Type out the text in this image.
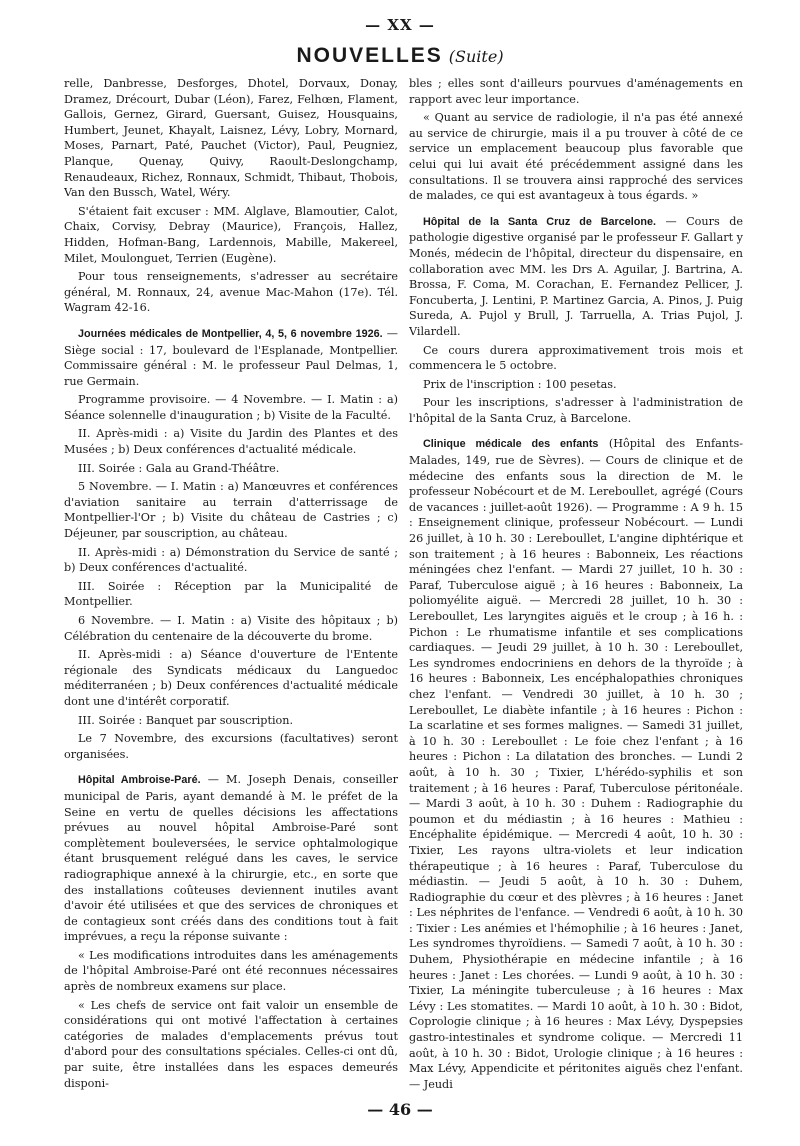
— XX —
NOUVELLES (Suite)

relle, Danbresse, Desforges, Dhotel, Dorvaux, Donay, Dramez, Drécourt, Dubar (Léon), Farez, Felhœn, Flament, Gallois, Gernez, Girard, Guersant, Guisez, Housquains, Humbert, Jeunet, Khayalt, Laisnez, Lévy, Lobry, Mornard, Moses, Parnart, Paté, Pauchet (Victor), Paul, Peugniez, Planque, Quenay, Quivy, Raoult-Deslongchamp, Renaudeaux, Richez, Ronnaux, Schmidt, Thibaut, Thobois, Van den Bussch, Watel, Wéry.

S'étaient fait excuser : MM. Alglave, Blamoutier, Calot, Chaix, Corvisy, Debray (Maurice), François, Hallez, Hidden, Hofman-Bang, Lardennois, Mabille, Makereel, Milet, Moulonguet, Terrien (Eugène).

Pour tous renseignements, s'adresser au secrétaire général, M. Ronnaux, 24, avenue Mac-Mahon (17e). Tél. Wagram 42-16.

Journées médicales de Montpellier, 4, 5, 6 novembre 1926. — Siège social : 17, boulevard de l'Esplanade, Montpellier. Commissaire général : M. le professeur Paul Delmas, 1, rue Germain.

Programme provisoire. — 4 Novembre. — I. Matin : a) Séance solennelle d'inauguration ; b) Visite de la Faculté.

II. Après-midi : a) Visite du Jardin des Plantes et des Musées ; b) Deux conférences d'actualité médicale.

III. Soirée : Gala au Grand-Théâtre.

5 Novembre. — I. Matin : a) Manœuvres et conférences d'aviation sanitaire au terrain d'atterrissage de Montpellier-l'Or ; b) Visite du château de Castries ; c) Déjeuner, par souscription, au château.

II. Après-midi : a) Démonstration du Service de santé ; b) Deux conférences d'actualité.

III. Soirée : Réception par la Municipalité de Montpellier.

6 Novembre. — I. Matin : a) Visite des hôpitaux ; b) Célébration du centenaire de la découverte du brome.

II. Après-midi : a) Séance d'ouverture de l'Entente régionale des Syndicats médicaux du Languedoc méditerranéen ; b) Deux conférences d'actualité médicale dont une d'intérêt corporatif.

III. Soirée : Banquet par souscription.

Le 7 Novembre, des excursions (facultatives) seront organisées.

Hôpital Ambroise-Paré. — M. Joseph Denais, conseiller municipal de Paris, ayant demandé à M. le préfet de la Seine en vertu de quelles décisions les affectations prévues au nouvel hôpital Ambroise-Paré sont complètement bouleversées, le service ophtalmologique étant brusquement relégué dans les caves, le service radiographique annexé à la chirurgie, etc., en sorte que des installations coûteuses deviennent inutiles avant d'avoir été utilisées et que des services de chroniques et de contagieux sont créés dans des conditions tout à fait imprévues, a reçu la réponse suivante :

« Les modifications introduites dans les aménagements de l'hôpital Ambroise-Paré ont été reconnues nécessaires après de nombreux examens sur place.

« Les chefs de service ont fait valoir un ensemble de considérations qui ont motivé l'affectation à certaines catégories de malades d'emplacements prévus tout d'abord pour des consultations spéciales. Celles-ci ont dû, par suite, être installées dans les espaces demeurés disponi-

bles ; elles sont d'ailleurs pourvues d'aménagements en rapport avec leur importance.

« Quant au service de radiologie, il n'a pas été annexé au service de chirurgie, mais il a pu trouver à côté de ce service un emplacement beaucoup plus favorable que celui qui lui avait été précédemment assigné dans les consultations. Il se trouvera ainsi rapproché des services de malades, ce qui est avantageux à tous égards. »

Hôpital de la Santa Cruz de Barcelone. — Cours de pathologie digestive organisé par le professeur F. Gallart y Monés, médecin de l'hôpital, directeur du dispensaire, en collaboration avec MM. les Drs A. Aguilar, J. Bartrina, A. Brossa, F. Coma, M. Corachan, E. Fernandez Pellicer, J. Foncuberta, J. Lentini, P. Martinez Garcia, A. Pinos, J. Puig Sureda, A. Pujol y Brull, J. Tarruella, A. Trias Pujol, J. Vilardell.

Ce cours durera approximativement trois mois et commencera le 5 octobre.

Prix de l'inscription : 100 pesetas.

Pour les inscriptions, s'adresser à l'administration de l'hôpital de la Santa Cruz, à Barcelone.

Clinique médicale des enfants (Hôpital des Enfants-Malades, 149, rue de Sèvres). — Cours de clinique et de médecine des enfants sous la direction de M. le professeur Nobécourt et de M. Lereboullet, agrégé (Cours de vacances : juillet-août 1926). — Programme : A 9 h. 15 : Enseignement clinique, professeur Nobécourt. — Lundi 26 juillet, à 10 h. 30 : Lereboullet, L'angine diphtérique et son traitement ; à 16 heures : Babonneix, Les réactions méningées chez l'enfant. — Mardi 27 juillet, 10 h. 30 : Paraf, Tuberculose aiguë ; à 16 heures : Babonneix, La poliomyélite aiguë. — Mercredi 28 juillet, 10 h. 30 : Lereboullet, Les laryngites aiguës et le croup ; à 16 h. : Pichon : Le rhumatisme infantile et ses complications cardiaques. — Jeudi 29 juillet, à 10 h. 30 : Lereboullet, Les syndromes endocriniens en dehors de la thyroïde ; à 16 heures : Babonneix, Les encéphalopathies chroniques chez l'enfant. — Vendredi 30 juillet, à 10 h. 30 ; Lereboullet, Le diabète infantile ; à 16 heures : Pichon : La scarlatine et ses formes malignes. — Samedi 31 juillet, à 10 h. 30 : Lereboullet : Le foie chez l'enfant ; à 16 heures : Pichon : La dilatation des bronches. — Lundi 2 août, à 10 h. 30 ; Tixier, L'hérédo-syphilis et son traitement ; à 16 heures : Paraf, Tuberculose péritonéale. — Mardi 3 août, à 10 h. 30 : Duhem : Radiographie du poumon et du médiastin ; à 16 heures : Mathieu : Encéphalite épidémique. — Mercredi 4 août, 10 h. 30 : Tixier, Les rayons ultra-violets et leur indication thérapeutique ; à 16 heures : Paraf, Tuberculose du médiastin. — Jeudi 5 août, à 10 h. 30 : Duhem, Radiographie du cœur et des plèvres ; à 16 heures : Janet : Les néphrites de l'enfance. — Vendredi 6 août, à 10 h. 30 : Tixier : Les anémies et l'hémophilie ; à 16 heures : Janet, Les syndromes thyroïdiens. — Samedi 7 août, à 10 h. 30 : Duhem, Physiothérapie en médecine infantile ; à 16 heures : Janet : Les chorées. — Lundi 9 août, à 10 h. 30 : Tixier, La méningite tuberculeuse ; à 16 heures : Max Lévy : Les stomatites. — Mardi 10 août, à 10 h. 30 : Bidot, Coprologie clinique ; à 16 heures : Max Lévy, Dyspepsies gastro-intestinales et syndrome colique. — Mercredi 11 août, à 10 h. 30 : Bidot, Urologie clinique ; à 16 heures : Max Lévy, Appendicite et péritonites aiguës chez l'enfant. — Jeudi

— 46 —
